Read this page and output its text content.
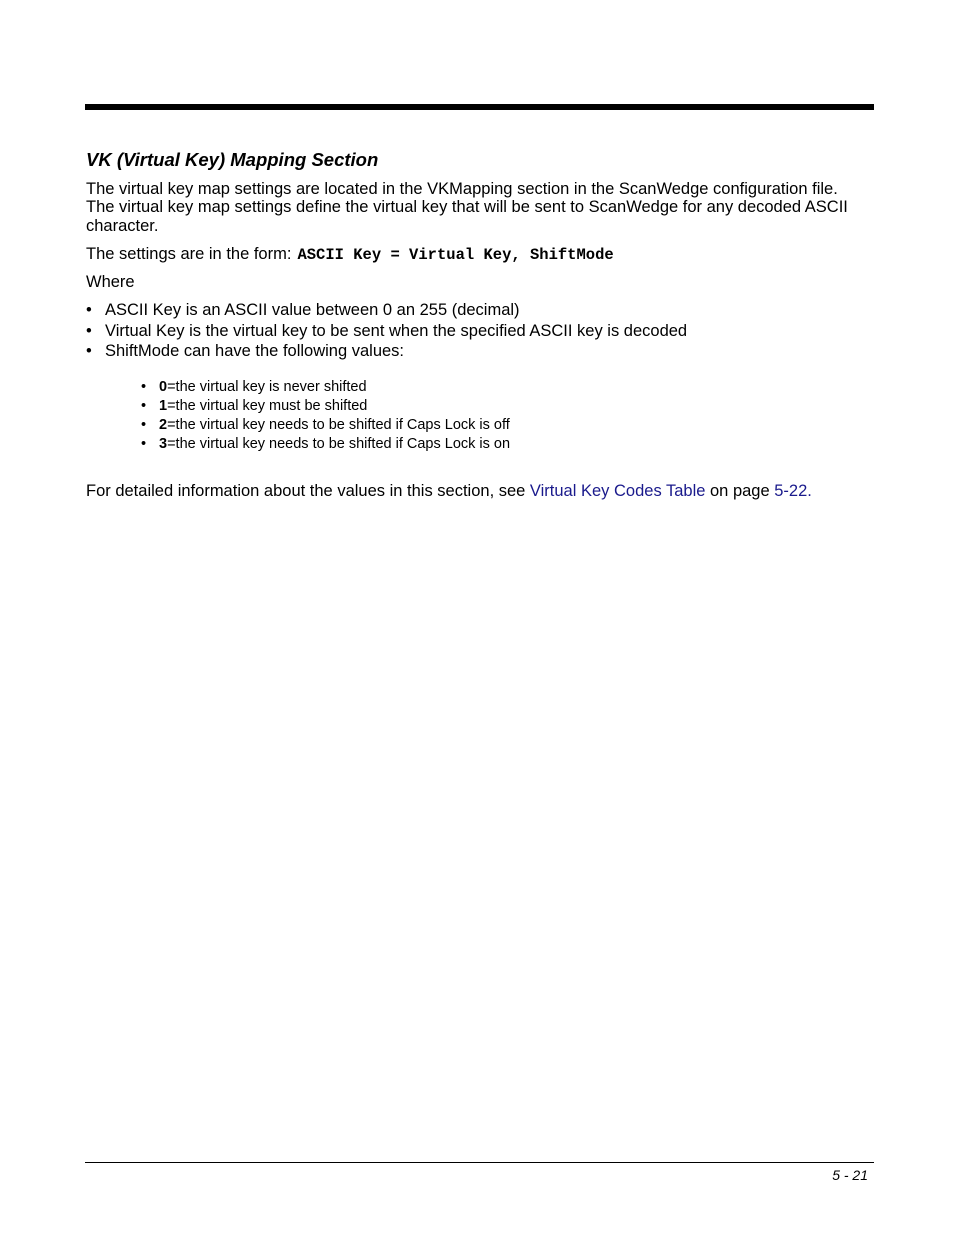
VK (Virtual Key) Mapping Section

The virtual key map settings are located in the VKMapping section in the ScanWedge configuration file.

The virtual key map settings define the virtual key that will be sent to ScanWedge for any decoded ASCII

character.

The settings are in the form: ASCII Key = Virtual Key, ShiftMode

Where

• ASCII Key is an ASCII value between 0 an 255 (decimal)
• Virtual Key is the virtual key to be sent when the specified ASCII key is decoded
• ShiftMode can have the following values:
• 0=the virtual key is never shifted
• 1=the virtual key must be shifted
• 2=the virtual key needs to be shifted if Caps Lock is off
• 3=the virtual key needs to be shifted if Caps Lock is on

For detailed information about the values in this section, see Virtual Key Codes Table on page 5-22.

5 - 21
